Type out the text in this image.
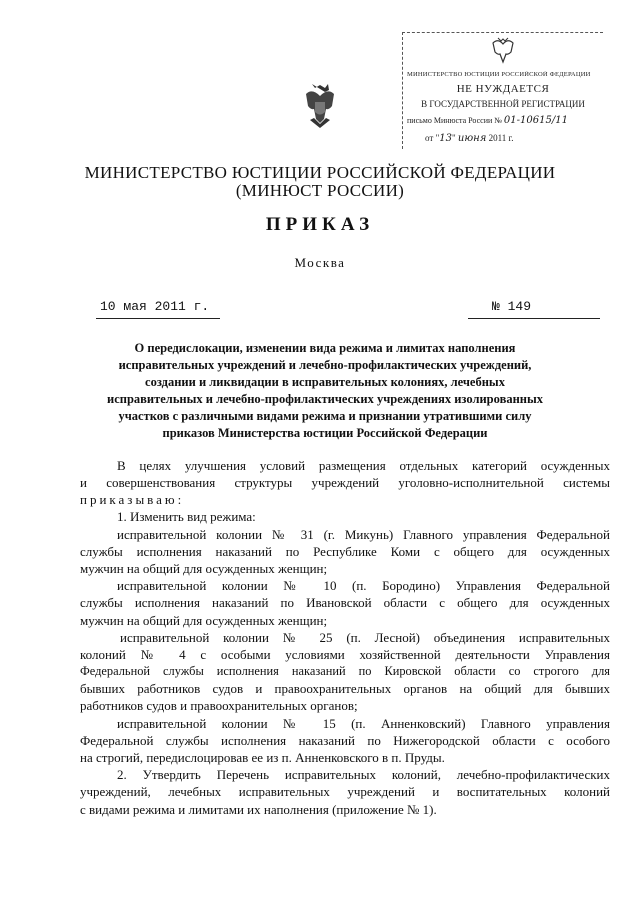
МИНИСТЕРСТВО ЮСТИЦИИ РОССИЙСКОЙ ФЕДЕРАЦИИ
НЕ НУЖДАЕТСЯ
В ГОСУДАРСТВЕННОЙ РЕГИСТРАЦИИ
письмо Минюста России № 01-10615/11
от "13" июня 2011 г.
МИНИСТЕРСТВО ЮСТИЦИИ РОССИЙСКОЙ ФЕДЕРАЦИИ
(МИНЮСТ РОССИИ)
ПРИКАЗ
Москва
10 мая 2011 г.	№ 149
О передислокации, изменении вида режима и лимитах наполнения
исправительных учреждений и лечебно-профилактических учреждений,
создании и ликвидации в исправительных колониях, лечебных
исправительных и лечебно-профилактических учреждениях изолированных
участков с различными видами режима и признании утратившими силу
приказов Министерства юстиции Российской Федерации
В целях улучшения условий размещения отдельных категорий осужденных
и совершенствования структуры учреждений уголовно-исполнительной системы
приказываю:
1. Изменить вид режима:
исправительной колонии № 31 (г. Микунь) Главного управления Федеральной
службы исполнения наказаний по Республике Коми с общего для осужденных
мужчин на общий для осужденных женщин;
исправительной колонии № 10 (п. Бородино) Управления Федеральной
службы исполнения наказаний по Ивановской области с общего для осужденных
мужчин на общий для осужденных женщин;
исправительной колонии № 25 (п. Лесной) объединения исправительных
колоний № 4 с особыми условиями хозяйственной деятельности Управления
Федеральной службы исполнения наказаний по Кировской области со строгого для
бывших работников судов и правоохранительных органов на общий для бывших
работников судов и правоохранительных органов;
исправительной колонии № 15 (п. Анненковский) Главного управления
Федеральной службы исполнения наказаний по Нижегородской области с особого
на строгий, передислоцировав ее из п. Анненковского в п. Пруды.
2. Утвердить Перечень исправительных колоний, лечебно-профилактических
учреждений, лечебных исправительных учреждений и воспитательных колоний
с видами режима и лимитами их наполнения (приложение № 1).
